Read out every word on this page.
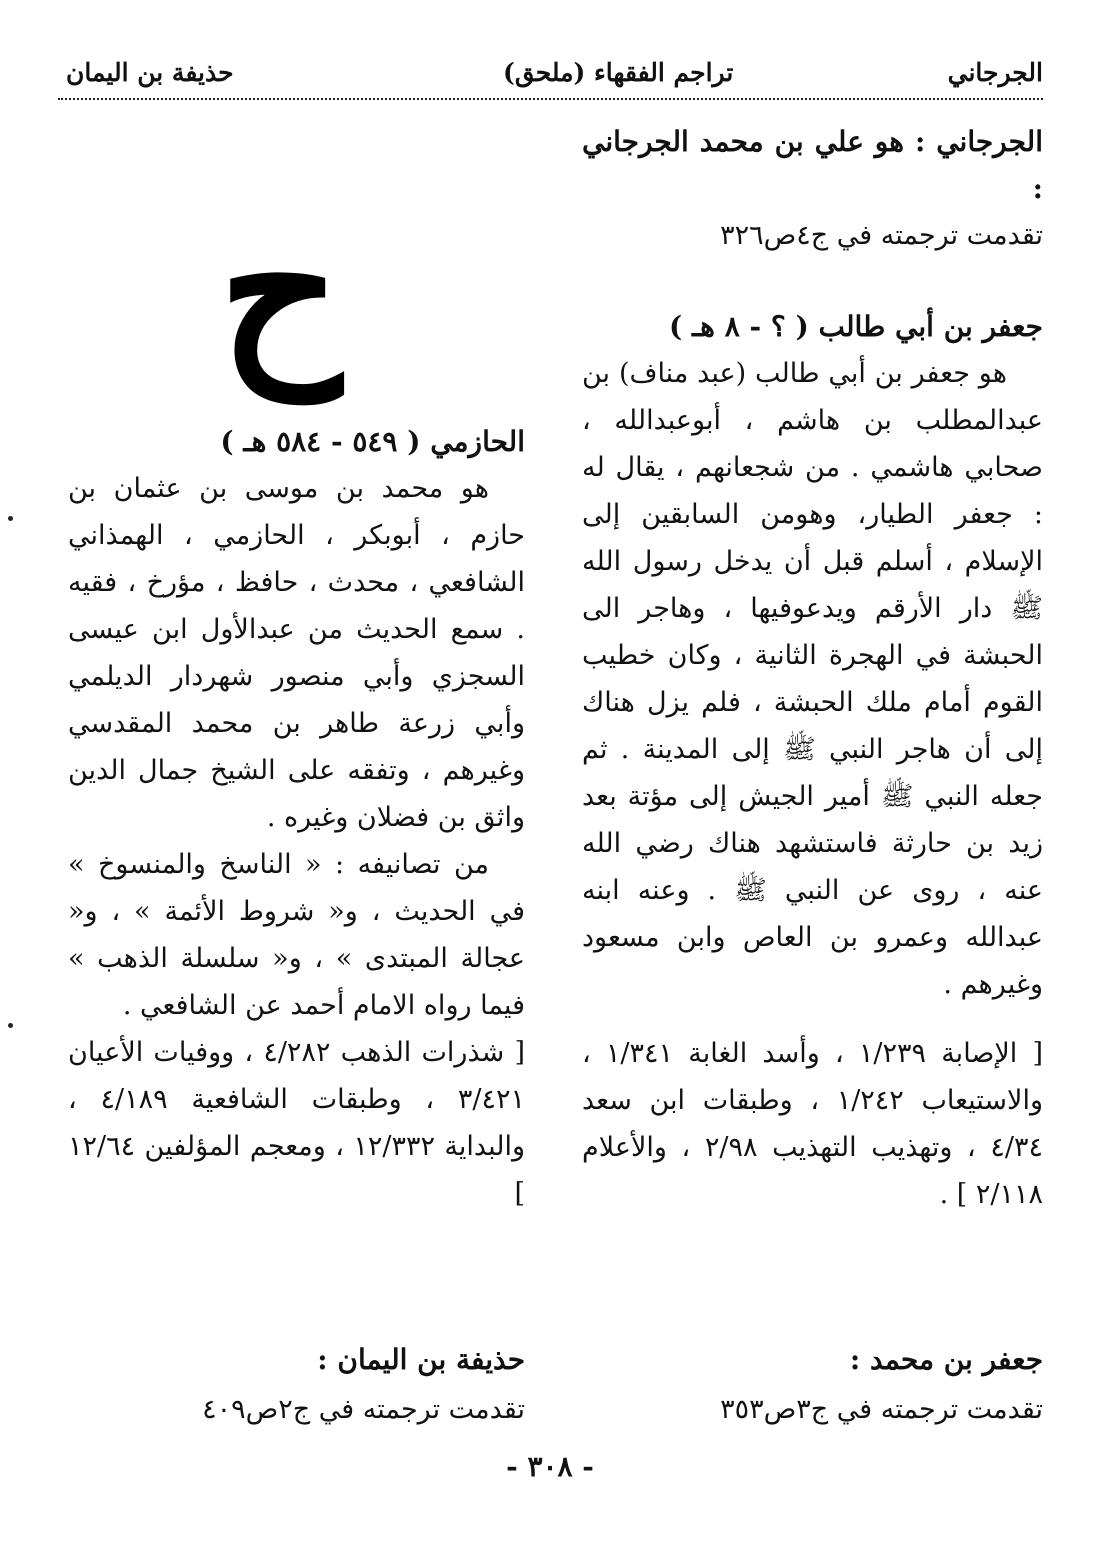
الجرجاني
(ملحق) تراجم الفقهاء
حذيفة بن اليمان
الجرجاني : هو علي بن محمد الجرجاني :
تقدمت ترجمته في ج٤ص٣٢٦
جعفر بن أبي طالب ( ؟ - ٨ هـ )
هو جعفر بن أبي طالب (عبد مناف) بن عبدالمطلب بن هاشم ، أبوعبدالله ، صحابي هاشمي . من شجعانهم ، يقال له : جعفر الطيار، وهومن السابقين إلى الإسلام ، أسلم قبل أن يدخل رسول الله ﷺ دار الأرقم ويدعوفيها ، وهاجر الى الحبشة في الهجرة الثانية ، وكان خطيب القوم أمام ملك الحبشة ، فلم يزل هناك إلى أن هاجر النبي ﷺ إلى المدينة . ثم جعله النبي ﷺ أمير الجيش إلى مؤتة بعد زيد بن حارثة فاستشهد هناك رضي الله عنه ، روى عن النبي ﷺ . وعنه ابنه عبدالله وعمرو بن العاص وابن مسعود وغيرهم .
[ الإصابة ١/٢٣٩ ، وأسد الغابة ١/٣٤١ ، والاستيعاب ١/٢٤٢ ، وطبقات ابن سعد ٤/٣٤ ، وتهذيب التهذيب ٢/٩٨ ، والأعلام ٢/١١٨ ] .
ح
الحازمي ( ٥٤٩ - ٥٨٤ هـ )
هو محمد بن موسى بن عثمان بن حازم ، أبوبكر ، الحازمي ، الهمذاني الشافعي ، محدث ، حافظ ، مؤرخ ، فقيه . سمع الحديث من عبدالأول ابن عيسى السجزي وأبي منصور شهردار الديلمي وأبي زرعة طاهر بن محمد المقدسي وغيرهم ، وتفقه على الشيخ جمال الدين واثق بن فضلان وغيره .
من تصانيفه : « الناسخ والمنسوخ » في الحديث ، و« شروط الأئمة » ، و« عجالة المبتدى » ، و« سلسلة الذهب » فيما رواه الامام أحمد عن الشافعي .
[ شذرات الذهب ٤/٢٨٢ ، ووفيات الأعيان ٣/٤٢١ ، وطبقات الشافعية ٤/١٨٩ ، والبداية ١٢/٣٣٢ ، ومعجم المؤلفين ١٢/٦٤ ]
جعفر بن محمد :
تقدمت ترجمته في ج٣ص٣٥٣
حذيفة بن اليمان :
تقدمت ترجمته في ج٢ص٤٠٩
- ٣٠٨ -
